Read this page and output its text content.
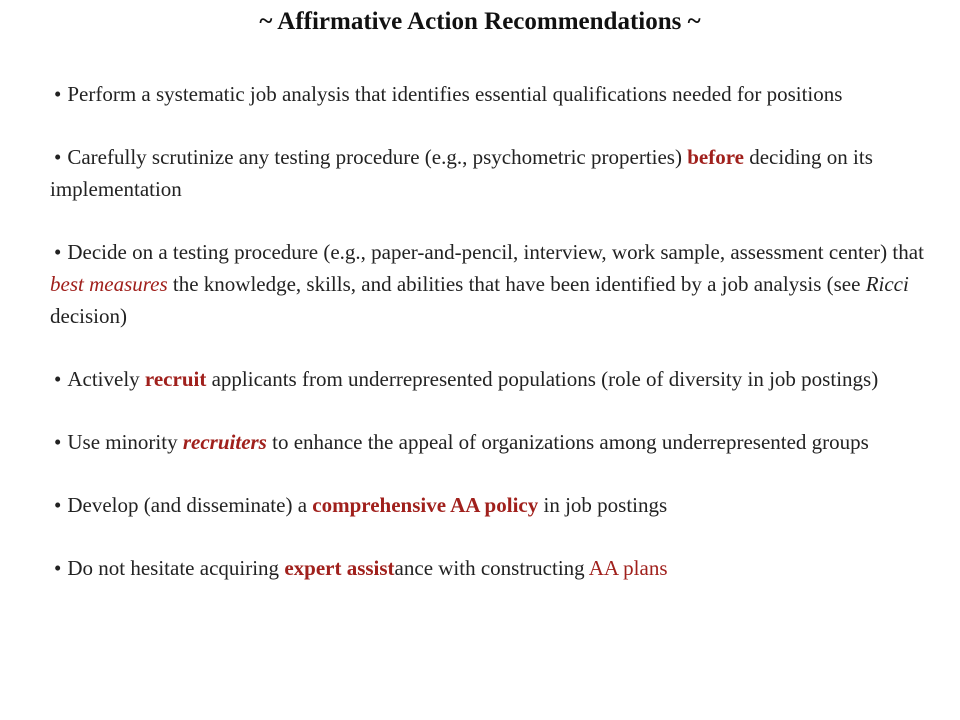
~ Affirmative Action Recommendations ~
• Perform a systematic job analysis that identifies essential qualifications needed for positions
• Carefully scrutinize any testing procedure (e.g., psychometric properties) before deciding on its implementation
• Decide on a testing procedure (e.g., paper-and-pencil, interview, work sample, assessment center) that best measures the knowledge, skills, and abilities that have been identified by a job analysis (see Ricci decision)
• Actively recruit applicants from underrepresented populations (role of diversity in job postings)
• Use minority recruiters to enhance the appeal of organizations among underrepresented groups
• Develop (and disseminate) a comprehensive AA policy in job postings
• Do not hesitate acquiring expert assistance with constructing AA plans
